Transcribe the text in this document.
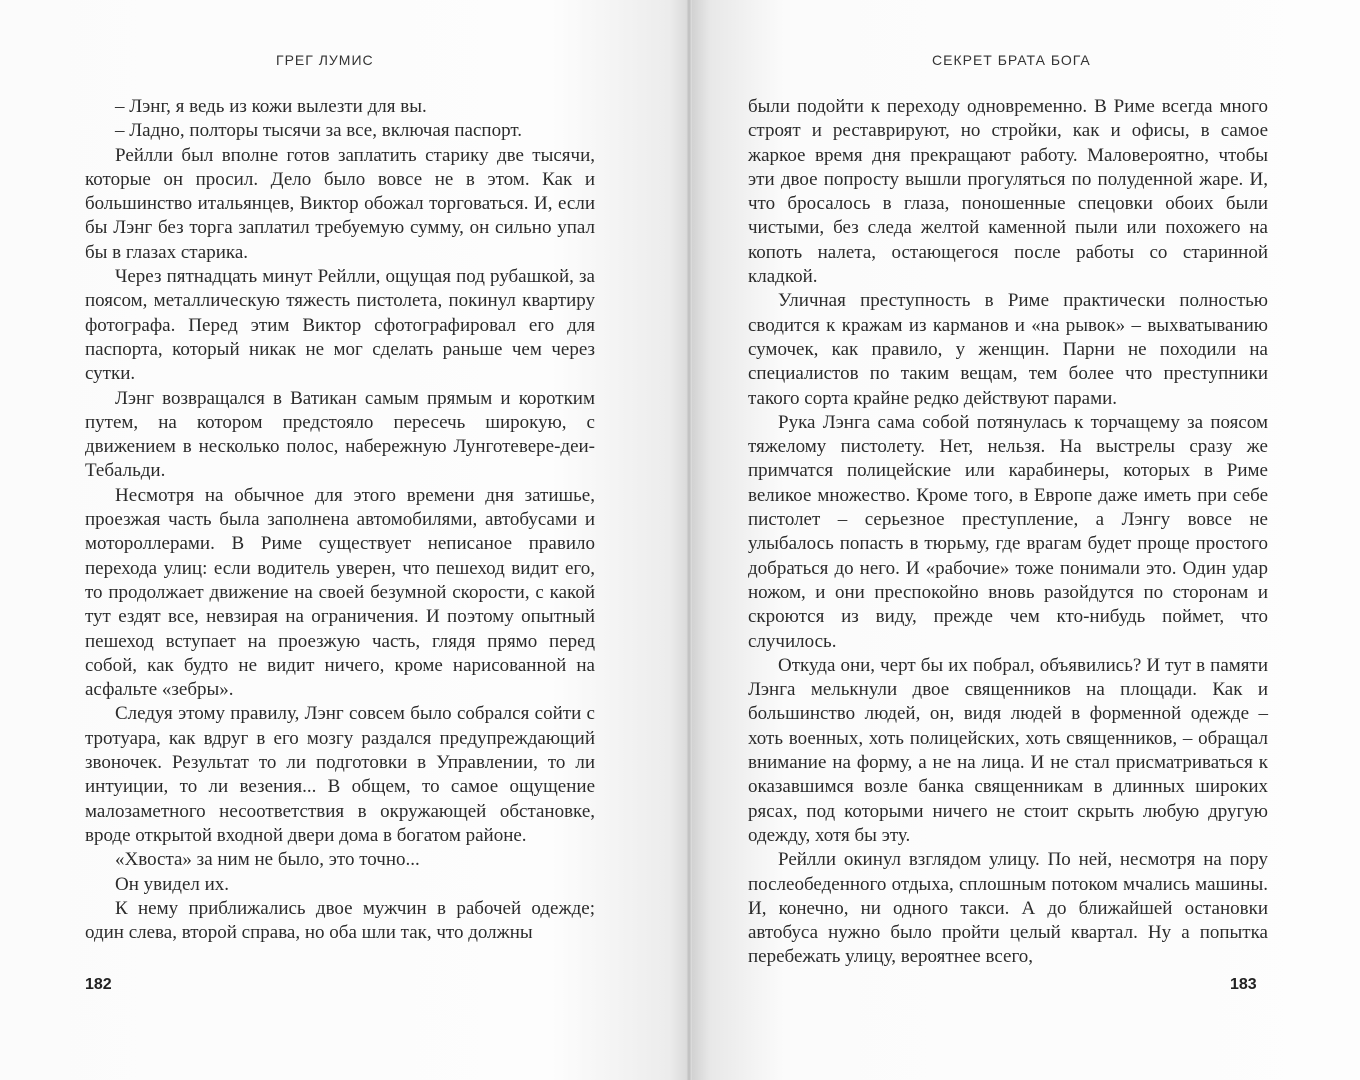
ГРЕГ ЛУМИС	СЕКРЕТ БРАТА БОГА

– Лэнг, я ведь из кожи вылезти для вы.

– Ладно, полторы тысячи за все, включая паспорт.

Рейлли был вполне готов заплатить старику две тысячи, которые он просил. Дело было вовсе не в этом. Как и большинство итальянцев, Виктор обожал торговаться. И, если бы Лэнг без торга заплатил требуемую сумму, он сильно упал бы в глазах старика.

Через пятнадцать минут Рейлли, ощущая под рубашкой, за поясом, металлическую тяжесть пистолета, покинул квартиру фотографа. Перед этим Виктор сфотографировал его для паспорта, который никак не мог сделать раньше чем через сутки.

Лэнг возвращался в Ватикан самым прямым и коротким путем, на котором предстояло пересечь широкую, с движением в несколько полос, набережную Лунготевере-деи-Тебальди.

Несмотря на обычное для этого времени дня затишье, проезжая часть была заполнена автомобилями, автобусами и мотороллерами. В Риме существует неписаное правило перехода улиц: если водитель уверен, что пешеход видит его, то продолжает движение на своей безумной скорости, с какой тут ездят все, невзирая на ограничения. И поэтому опытный пешеход вступает на проезжую часть, глядя прямо перед собой, как будто не видит ничего, кроме нарисованной на асфальте «зебры».

Следуя этому правилу, Лэнг совсем было собрался сойти с тротуара, как вдруг в его мозгу раздался предупреждающий звоночек. Результат то ли подготовки в Управлении, то ли интуиции, то ли везения... В общем, то самое ощущение малозаметного несоответствия в окружающей обстановке, вроде открытой входной двери дома в богатом районе.

«Хвоста» за ним не было, это точно...

Он увидел их.

К нему приближались двое мужчин в рабочей одежде; один слева, второй справа, но оба шли так, что должны

были подойти к переходу одновременно. В Риме всегда много строят и реставрируют, но стройки, как и офисы, в самое жаркое время дня прекращают работу. Маловероятно, чтобы эти двое попросту вышли прогуляться по полуденной жаре. И, что бросалось в глаза, поношенные спецовки обоих были чистыми, без следа желтой каменной пыли или похожего на копоть налета, остающегося после работы со старинной кладкой.

Уличная преступность в Риме практически полностью сводится к кражам из карманов и «на рывок» – выхватыванию сумочек, как правило, у женщин. Парни не походили на специалистов по таким вещам, тем более что преступники такого сорта крайне редко действуют парами.

Рука Лэнга сама собой потянулась к торчащему за поясом тяжелому пистолету. Нет, нельзя. На выстрелы сразу же примчатся полицейские или карабинеры, которых в Риме великое множество. Кроме того, в Европе даже иметь при себе пистолет – серьезное преступление, а Лэнгу вовсе не улыбалось попасть в тюрьму, где врагам будет проще простого добраться до него. И «рабочие» тоже понимали это. Один удар ножом, и они преспокойно вновь разойдутся по сторонам и скроются из виду, прежде чем кто-нибудь поймет, что случилось.

Откуда они, черт бы их побрал, объявились? И тут в памяти Лэнга мелькнули двое священников на площади. Как и большинство людей, он, видя людей в форменной одежде – хоть военных, хоть полицейских, хоть священников, – обращал внимание на форму, а не на лица. И не стал присматриваться к оказавшимся возле банка священникам в длинных широких рясах, под которыми ничего не стоит скрыть любую другую одежду, хотя бы эту.

Рейлли окинул взглядом улицу. По ней, несмотря на пору послеобеденного отдыха, сплошным потоком мчались машины. И, конечно, ни одного такси. А до ближайшей остановки автобуса нужно было пройти целый квартал. Ну а попытка перебежать улицу, вероятнее всего,

182	183
